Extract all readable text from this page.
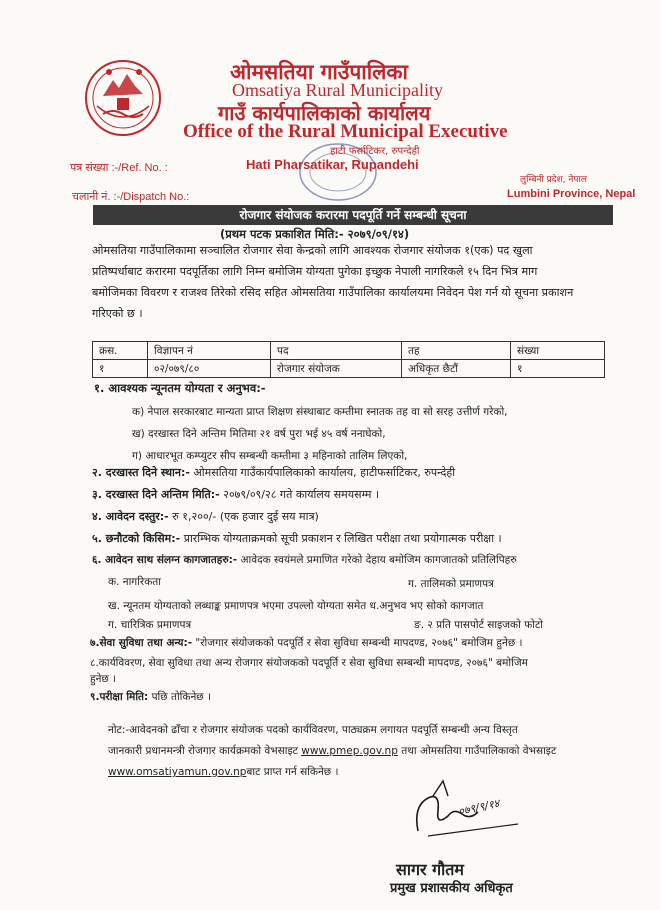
ओमसतिया गाउँपालिका
Omsatiya Rural Municipality
गाउँ कार्यपालिकाको कार्यालय
Office of the Rural Municipal Executive
हाटी फर्साटिकर, रुपन्देही
Hati Pharsatikar, Rupandehi
पत्र संख्या :-/Ref. No. :
चलानी नं. :-/Dispatch No.:
लुम्बिनी प्रदेश, नेपाल
Lumbini Province, Nepal
रोजगार संयोजक करारमा पदपूर्ति गर्ने सम्बन्धी सूचना
(प्रथम पटक प्रकाशित मिति:- २०७९/०९/१४)
ओमसतिया गाउँपालिकामा सञ्चालित रोजगार सेवा केन्द्रको लागि आवश्यक रोजगार संयोजक १(एक) पद खुला
प्रतिष्पर्धाबाट करारमा पदपूर्तिका लागि निम्न बमोजिम योग्यता पुगेका इच्छुक नेपाली नागरिकले १५ दिन भित्र माग
बमोजिमका विवरण र राजश्व तिरेको रसिद सहित ओमसतिया गाउँपालिका कार्यालयमा निवेदन पेश गर्न यो सूचना प्रकाशन
गरिएको छ ।
क्रस.	विज्ञापन नं	पद	तह	संख्या
१	०२/०७९/८०	रोजगार संयोजक	अधिकृत छैटौं	१
१. आवश्यक न्यूनतम योग्यता र अनुभव:-
क) नेपाल सरकारबाट मान्यता प्राप्त शिक्षण संस्थाबाट कम्तीमा स्नातक तह वा सो सरह उत्तीर्ण गरेको,
ख) दरखास्त दिने अन्तिम मितिमा २१ वर्ष पुरा भई ४५ वर्ष ननाघेको,
ग) आधारभूत कम्प्युटर सीप सम्बन्धी कम्तीमा ३ महिनाको तालिम लिएको,
२. दरखास्त दिने स्थान:- ओमसतिया गाउँकार्यपालिकाको कार्यालय, हाटीफर्साटिकर, रुपन्देही
३. दरखास्त दिने अन्तिम मिति:- २०७९/०९/२८ गते कार्यालय समयसम्म ।
४. आवेदन दस्तुर:- रु १,२००/- (एक हजार दुई सय मात्र)
५. छनौटको किसिम:- प्रारम्भिक योग्यताक्रमको सूची प्रकाशन र लिखित परीक्षा तथा प्रयोगात्मक परीक्षा ।
६. आवेदन साथ संलग्न कागजातहरु:- आवेदक स्वयंमले प्रमाणित गरेको देहाय बमोजिम कागजातको प्रतिलिपिहरु
क. नागरिकता	ग. तालिमको प्रमाणपत्र
ख. न्यूनतम योग्यताको लब्धाङ्क प्रमाणपत्र भएमा उपल्लो योग्यता समेत ध.अनुभव भए सोको कागजात
ग. चारित्रिक प्रमाणपत्र	ङ. २ प्रति पासपोर्ट साइजको फोटो
७.सेवा सुविधा तथा अन्य:- "रोजगार संयोजकको पदपूर्ति र सेवा सुविधा सम्बन्धी मापदण्ड, २०७६" बमोजिम हुनेछ ।
८.कार्यविवरण, सेवा सुविधा तथा अन्य रोजगार संयोजकको पदपूर्ति र सेवा सुविधा सम्बन्धी मापदण्ड, २०७६" बमोजिम
हुनेछ ।
९.परीक्षा मिति: पछि तोकिनेछ ।
नोट:-आवेदनको ढाँचा र रोजगार संयोजक पदको कार्यविवरण, पाठ्यक्रम लगायत पदपूर्ति सम्बन्धी अन्य विस्तृत
जानकारी प्रधानमन्त्री रोजगार कार्यक्रमको वेभसाइट www.pmep.gov.np तथा ओमसतिया गाउँपालिकाको वेभसाइट
www.omsatiyamun.gov.npबाट प्राप्त गर्न सकिनेछ ।
०७९/९/१४
सागर गौतम
प्रमुख प्रशासकीय अधिकृत
